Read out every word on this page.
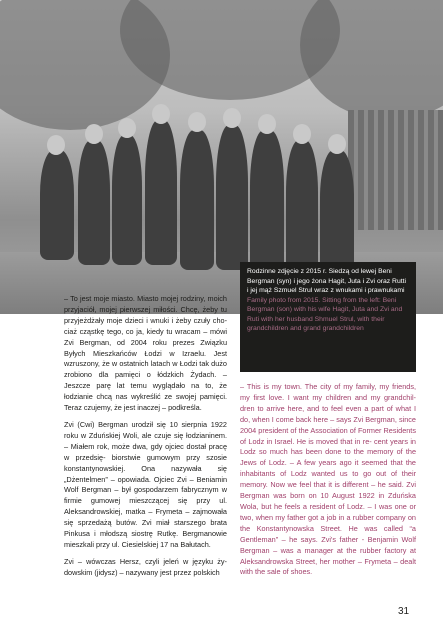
Rodzinne zdjęcie z 2015 r. Siedzą od lewej Beni Bergman (syn) i jego żona Hagit, Juta i Zvi oraz Rutti i jej mąż Szmuel Strul wraz z wnukami i prawnukami
Family photo from 2015. Sitting from the left: Beni Bergman (son) with his wife Hagit, Juta and Zvi and Ruti with her husband Shmuel Strul, with their grandchildren and grand grandchildren

– To jest moje miasto. Miasto mojej rodziny, moich przyjaciół, mojej pierwszej miłości. Chcę, żeby tu przyjeżdżały moje dzieci i wnuki i żeby czuły cho- ciaż cząstkę tego, co ja, kiedy tu wracam – mówi Zvi Bergman, od 2004 roku prezes Związku Byłych Mieszkańców Łodzi w Izraelu. Jest wzruszony, że w ostatnich latach w Łodzi tak dużo zrobiono dla pamięci o łódzkich Żydach. – Jeszcze parę lat temu wyglądało na to, że łodzianie chcą nas wykreślić ze swojej pamięci. Teraz czujemy, że jest inaczej – podkreśla.

Zvi (Cwi) Bergman urodził się 10 sierpnia 1922 roku w Zduńskiej Woli, ale czuje się łodzianinem. – Miałem rok, może dwa, gdy ojciec dostał pracę w przedsię- biorstwie gumowym przy szosie konstantynowskiej. Ona nazywała się „Dżentelmen” – opowiada. Ojciec Zvi – Beniamin Wolf Bergman – był gospodarzem fabrycznym w firmie gumowej mieszczącej się przy ul. Aleksandrowskiej, matka – Frymeta – zajmowała się sprzedażą butów. Zvi miał starszego brata Pinkusa i młodszą siostrę Rutkę. Bergmanowie mieszkali przy ul. Ciesielskiej 17 na Bałutach.

Zvi – wówczas Hersz, czyli jeleń w języku ży- dowskim (jidysz) – nazywany jest przez polskich

– This is my town. The city of my family, my friends, my first love. I want my children and my grandchil- dren to arrive here, and to feel even a part of what I do, when I come back here – says Zvi Bergman, since 2004 president of the Association of Former Residents of Lodz in Israel. He is moved that in re- cent years in Lodz so much has been done to the memory of the Jews of Lodz. – A few years ago it seemed that the inhabitants of Lodz wanted us to go out of their memory. Now we feel that it is different – he said. Zvi Bergman was born on 10 August 1922 in Zduńska Wola, but he feels a resident of Lodz. – I was one or two, when my father got a job in a rubber company on the Konstantynowska Street. He was called “a Gentleman” – he says. Zvi's father - Benjamin Wolf Bergman – was a manager at the rubber factory at Aleksandrowska Street, her mother – Frymeta – dealt with the sale of shoes.

31
